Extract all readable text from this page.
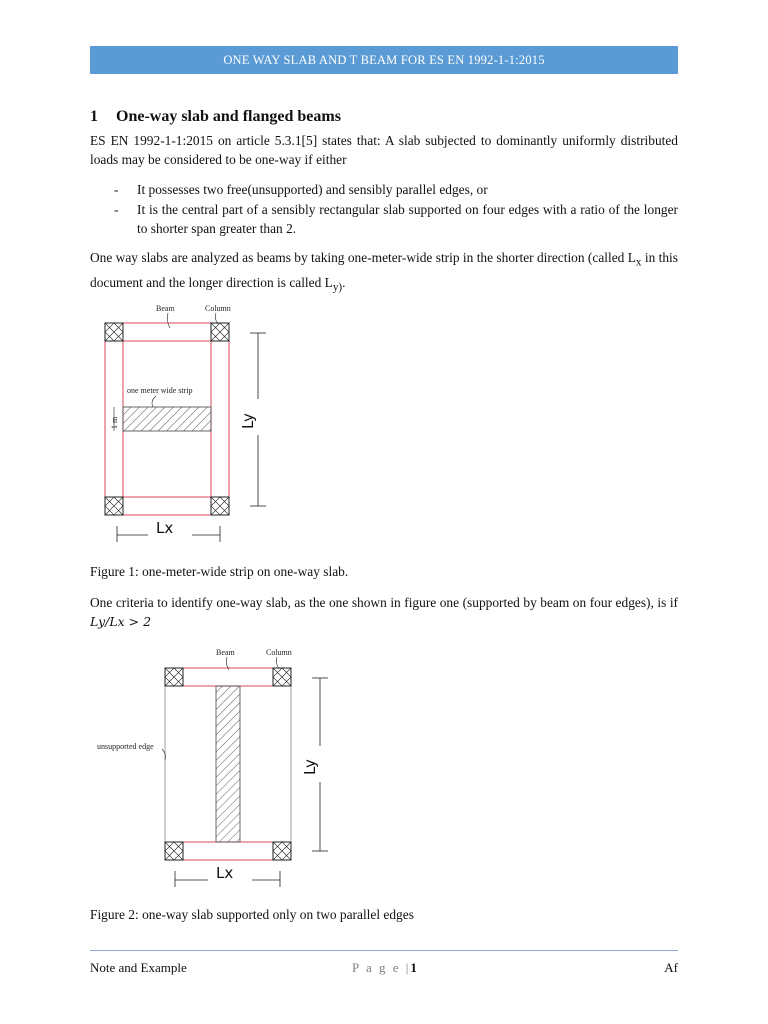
ONE WAY SLAB AND T BEAM FOR ES EN 1992-1-1:2015
1 One-way slab and flanged beams
ES EN 1992-1-1:2015 on article 5.3.1[5] states that: A slab subjected to dominantly uniformly distributed loads may be considered to be one-way if either
- It possesses two free(unsupported) and sensibly parallel edges, or
- It is the central part of a sensibly rectangular slab supported on four edges with a ratio of the longer to shorter span greater than 2.
One way slabs are analyzed as beams by taking one-meter-wide strip in the shorter direction (called $L_x$ in this document and the longer direction is called $L_{y)}$.
Beam	Column
one meter wide strip
1 m	Ly
Lx
Figure 1: one-meter-wide strip on one-way slab.
One criteria to identify one-way slab, as the one shown in figure one (supported by beam on four edges), is if Ly/Lx > 2
Beam	Column
unsupported edge
Ly
Lx
Figure 2: one-way slab supported only on two parallel edges
Note and Example	P a g e |1	Af
